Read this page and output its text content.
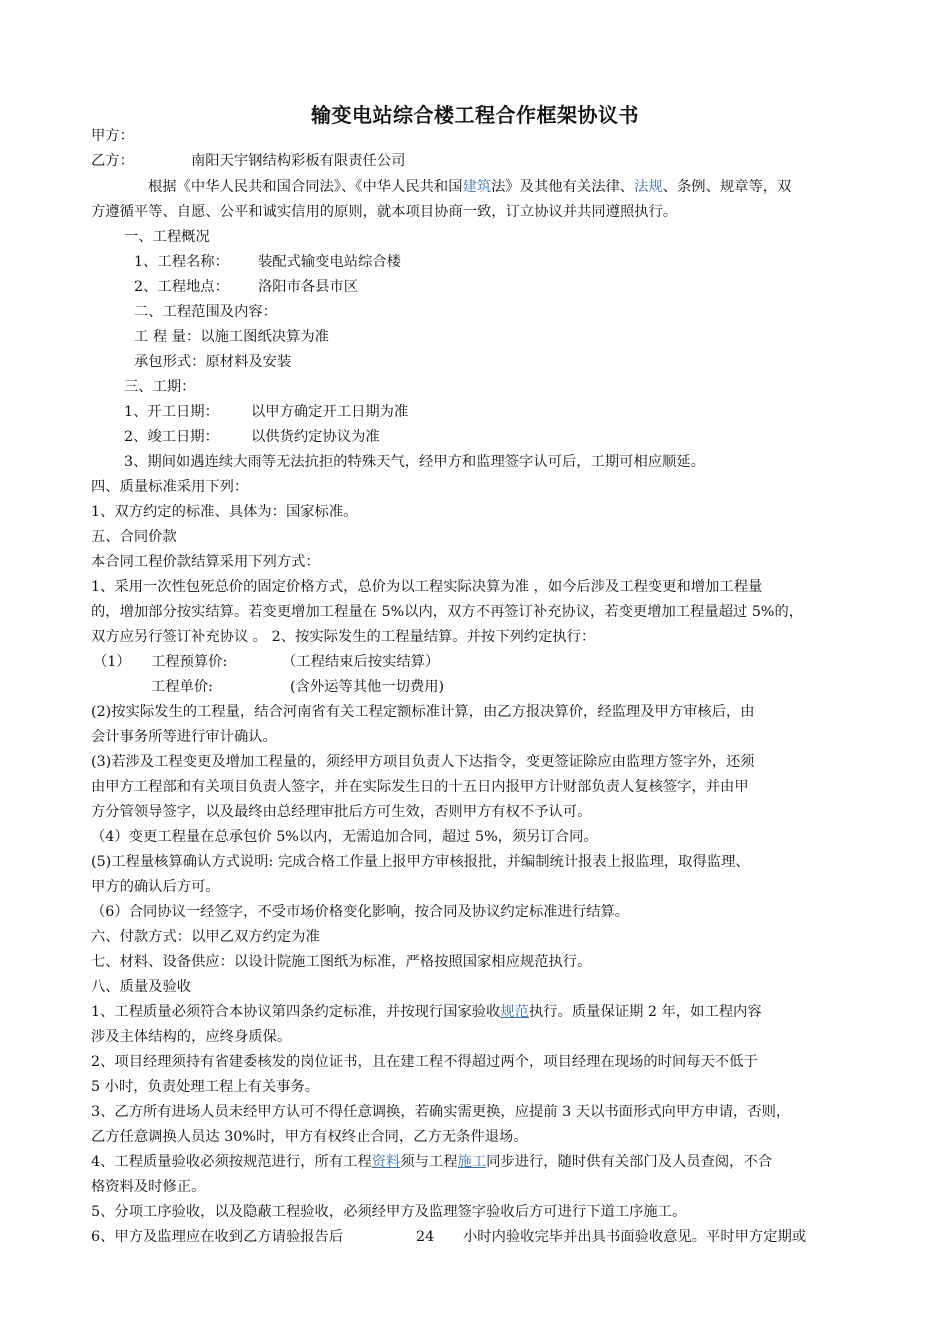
输变电站综合楼工程合作框架协议书
甲方：
乙方：	南阳天宇钢结构彩板有限责任公司
根据《中华人民共和国合同法》、《中华人民共和国建筑法》及其他有关法律、法规、条例、规章等，双
方遵循平等、自愿、公平和诚实信用的原则，就本项目协商一致，订立协议并共同遵照执行。
一、工程概况
1、工程名称： 装配式输变电站综合楼
2、工程地点： 洛阳市各县市区
二、工程范围及内容：
工 程 量：以施工图纸决算为准
承包形式：原材料及安装
三、工期：
1、开工日期： 以甲方确定开工日期为准
2、竣工日期： 以供货约定协议为准
3、期间如遇连续大雨等无法抗拒的特殊天气，经甲方和监理签字认可后，工期可相应顺延。
四、质量标准采用下列：
1、双方约定的标准、具体为：国家标准。
五、合同价款
本合同工程价款结算采用下列方式：
1、采用一次性包死总价的固定价格方式，总价为以工程实际决算为准 ，如今后涉及工程变更和增加工程量
的，增加部分按实结算。若变更增加工程量在 5%以内，双方不再签订补充协议，若变更增加工程量超过 5%的，
双方应另行签订补充协议 。 2、按实际发生的工程量结算。并按下列约定执行：
（1） 工程预算价:	（工程结束后按实结算）
工程单价:	(含外运等其他一切费用)
(2)按实际发生的工程量，结合河南省有关工程定额标准计算，由乙方报决算价，经监理及甲方审核后，由
会计事务所等进行审计确认。
(3)若涉及工程变更及增加工程量的，须经甲方项目负责人下达指令，变更签证除应由监理方签字外，还须
由甲方工程部和有关项目负责人签字，并在实际发生日的十五日内报甲方计财部负责人复核签字，并由甲
方分管领导签字，以及最终由总经理审批后方可生效，否则甲方有权不予认可。
（4）变更工程量在总承包价 5%以内，无需追加合同，超过 5%，须另订合同。
(5)工程量核算确认方式说明: 完成合格工作量上报甲方审核报批，并编制统计报表上报监理，取得监理、
甲方的确认后方可。
（6）合同协议一经签字，不受市场价格变化影响，按合同及协议约定标准进行结算。
六、付款方式：以甲乙双方约定为准
七、材料、设备供应：以设计院施工图纸为标准，严格按照国家相应规范执行。
八、质量及验收
1、工程质量必须符合本协议第四条约定标准，并按现行国家验收规范执行。质量保证期 2 年，如工程内容
涉及主体结构的，应终身质保。
2、项目经理须持有省建委核发的岗位证书，且在建工程不得超过两个，项目经理在现场的时间每天不低于
5 小时，负责处理工程上有关事务。
3、乙方所有进场人员未经甲方认可不得任意调换，若确实需更换，应提前 3 天以书面形式向甲方申请，否则，
乙方任意调换人员达 30%时，甲方有权终止合同，乙方无条件退场。
4、工程质量验收必须按规范进行，所有工程资料须与工程施工同步进行，随时供有关部门及人员查阅，不合
格资料及时修正。
5、分项工序验收，以及隐蔽工程验收，必须经甲方及监理签字验收后方可进行下道工序施工。
6、甲方及监理应在收到乙方请验报告后	24 小时内验收完毕并出具书面验收意见。平时甲方定期或
